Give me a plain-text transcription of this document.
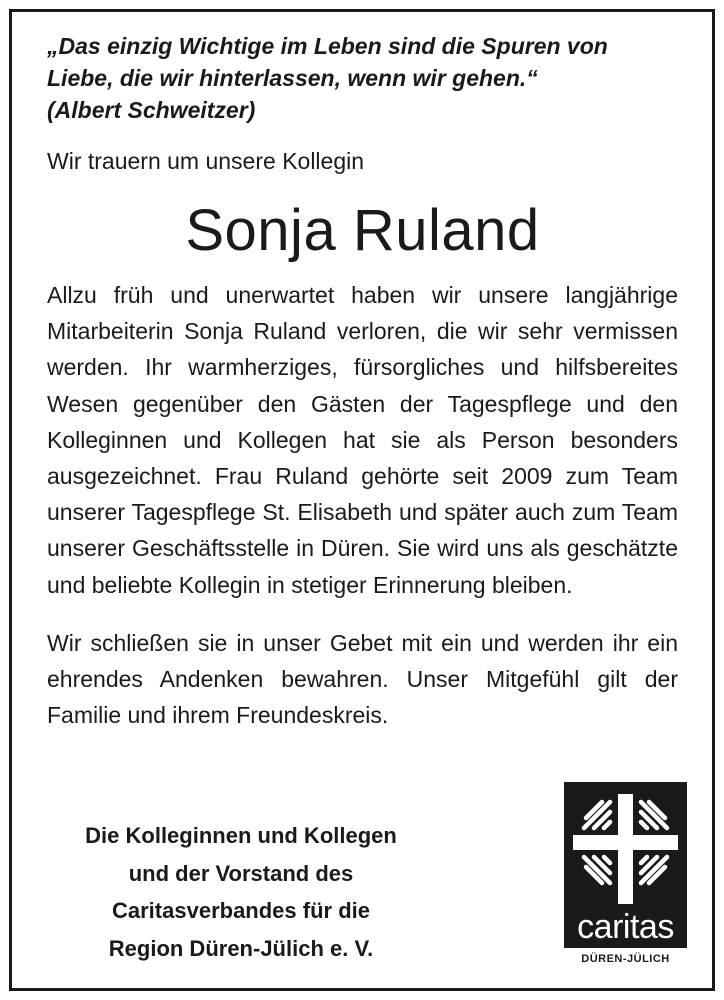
„Das einzig Wichtige im Leben sind die Spuren von
Liebe, die wir hinterlassen, wenn wir gehen.“
(Albert Schweitzer)

Wir trauern um unsere Kollegin
Sonja Ruland
Allzu früh und unerwartet haben wir unsere langjährige Mitarbeiterin Sonja Ruland verloren, die wir sehr vermissen werden. Ihr warmherziges, fürsorgliches und hilfsbereites Wesen gegenüber den Gästen der Tagespflege und den Kolleginnen und Kollegen hat sie als Person besonders ausgezeichnet. Frau Ruland gehörte seit 2009 zum Team unserer Tagespflege St. Elisabeth und später auch zum Team unserer Geschäftsstelle in Düren. Sie wird uns als geschätzte und beliebte Kollegin in stetiger Erinnerung bleiben.
Wir schließen sie in unser Gebet mit ein und werden ihr ein ehrendes Andenken bewahren. Unser Mitgefühl gilt der Familie und ihrem Freundeskreis.
Die Kolleginnen und Kollegen
und der Vorstand des
Caritasverbandes für die
Region Düren-Jülich e. V.
caritas
DÜREN-JÜLICH
